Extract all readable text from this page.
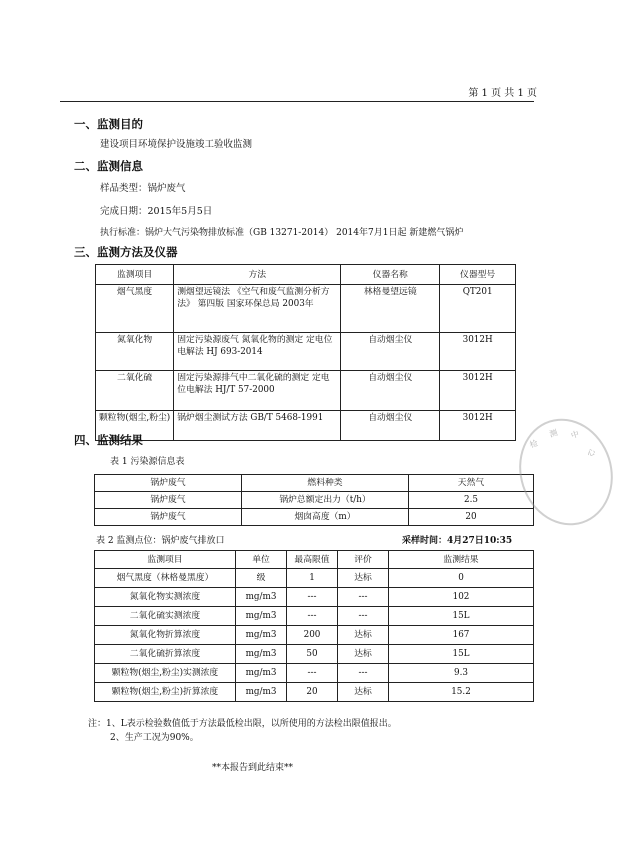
第 1 页 共 1 页
一、监测目的
建设项目环境保护设施竣工验收监测
二、监测信息
样品类型：锅炉废气
完成日期：2015年5月5日
执行标准：锅炉大气污染物排放标准（GB 13271-2014） 2014年7月1日起 新建燃气锅炉
三、监测方法及仪器
监测项目	方法	仪器名称	仪器型号
烟气黑度	测烟望远镜法 《空气和废气监测分析方法》 第四版 国家环保总局 2003年	林格曼望远镜	QT201
氮氧化物	固定污染源废气 氮氧化物的测定 定电位电解法 HJ 693-2014	自动烟尘仪	3012H
二氧化硫	固定污染源排气中二氧化硫的测定 定电位电解法 HJ/T 57-2000	自动烟尘仪	3012H
颗粒物(烟尘,粉尘)	锅炉烟尘测试方法 GB/T 5468-1991	自动烟尘仪	3012H
四、监测结果
表 1 污染源信息表
锅炉废气	燃料种类	天然气
锅炉废气	锅炉总额定出力（t/h）	2.5
锅炉废气	烟囱高度（m）	20
表 2 监测点位：锅炉废气排放口	采样时间：4月27日10:35
监测项目	单位	最高限值	评价	监测结果
烟气黑度（林格曼黑度）	级	1	达标	0
氮氧化物实测浓度	mg/m3	---	---	102
二氧化硫实测浓度	mg/m3	---	---	15L
氮氧化物折算浓度	mg/m3	200	达标	167
二氧化硫折算浓度	mg/m3	50	达标	15L
颗粒物(烟尘,粉尘)实测浓度	mg/m3	---	---	9.3
颗粒物(烟尘,粉尘)折算浓度	mg/m3	20	达标	15.2
注：1、L表示检验数值低于方法最低检出限，以所使用的方法检出限值报出。
2、生产工况为90%。
**本报告到此结束**
检
测 中
心
